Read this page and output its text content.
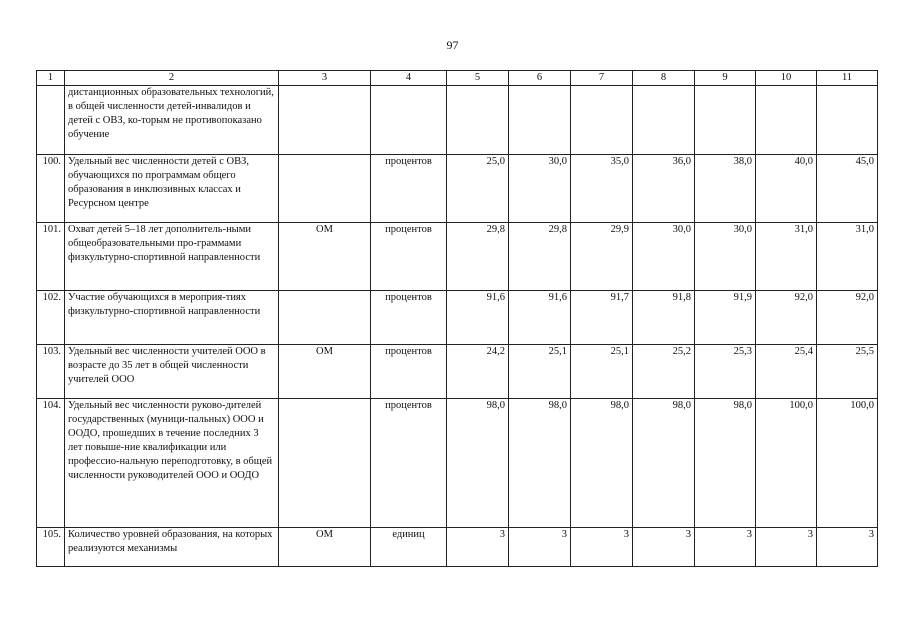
97
1	2	3	4	5	6	7	8	9	10	11
	дистанционных образовательных технологий, в общей численности детей-инвалидов и детей с ОВЗ, ко-торым не противопоказано обучение									
100.	Удельный вес численности детей с ОВЗ, обучающихся по программам общего образования в инклюзивных классах и Ресурсном центре		процентов	25,0	30,0	35,0	36,0	38,0	40,0	45,0
101.	Охват детей 5–18 лет дополнитель-ными общеобразовательными про-граммами физкультурно-спортивной направленности	ОМ	процентов	29,8	29,8	29,9	30,0	30,0	31,0	31,0
102.	Участие обучающихся в мероприя-тиях физкультурно-спортивной направленности		процентов	91,6	91,6	91,7	91,8	91,9	92,0	92,0
103.	Удельный вес численности учителей ООО в возрасте до 35 лет в общей численности учителей ООО	ОМ	процентов	24,2	25,1	25,1	25,2	25,3	25,4	25,5
104.	Удельный вес численности руково-дителей государственных (муници-пальных) ООО и ООДО, прошедших в течение последних 3 лет повыше-ние квалификации или профессио-нальную переподготовку, в общей численности руководителей ООО и ООДО		процентов	98,0	98,0	98,0	98,0	98,0	100,0	100,0
105.	Количество уровней образования, на которых реализуются механизмы	ОМ	единиц	3	3	3	3	3	3	3
